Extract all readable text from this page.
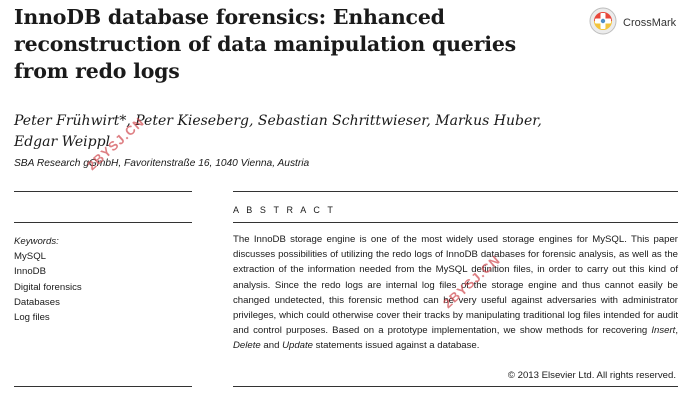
InnoDB database forensics: Enhanced reconstruction of data manipulation queries from redo logs
CrossMark
Peter Frühwirt*, Peter Kieseberg, Sebastian Schrittwieser, Markus Huber, Edgar Weippl
SBA Research gGmbH, Favoritenstraße 16, 1040 Vienna, Austria
A B S T R A C T
Keywords:
MySQL
InnoDB
Digital forensics
Databases
Log files
The InnoDB storage engine is one of the most widely used storage engines for MySQL. This paper discusses possibilities of utilizing the redo logs of InnoDB databases for forensic analysis, as well as the extraction of the information needed from the MySQL definition files, in order to carry out this kind of analysis. Since the redo logs are internal log files of the storage engine and thus cannot easily be changed undetected, this forensic method can be very useful against adversaries with administrator privileges, which could otherwise cover their tracks by manipulating traditional log files intended for audit and control purposes. Based on a prototype implementation, we show methods for recovering Insert, Delete and Update statements issued against a database.
© 2013 Elsevier Ltd. All rights reserved.
2BYSJ.CN
2BYSJ.CN
